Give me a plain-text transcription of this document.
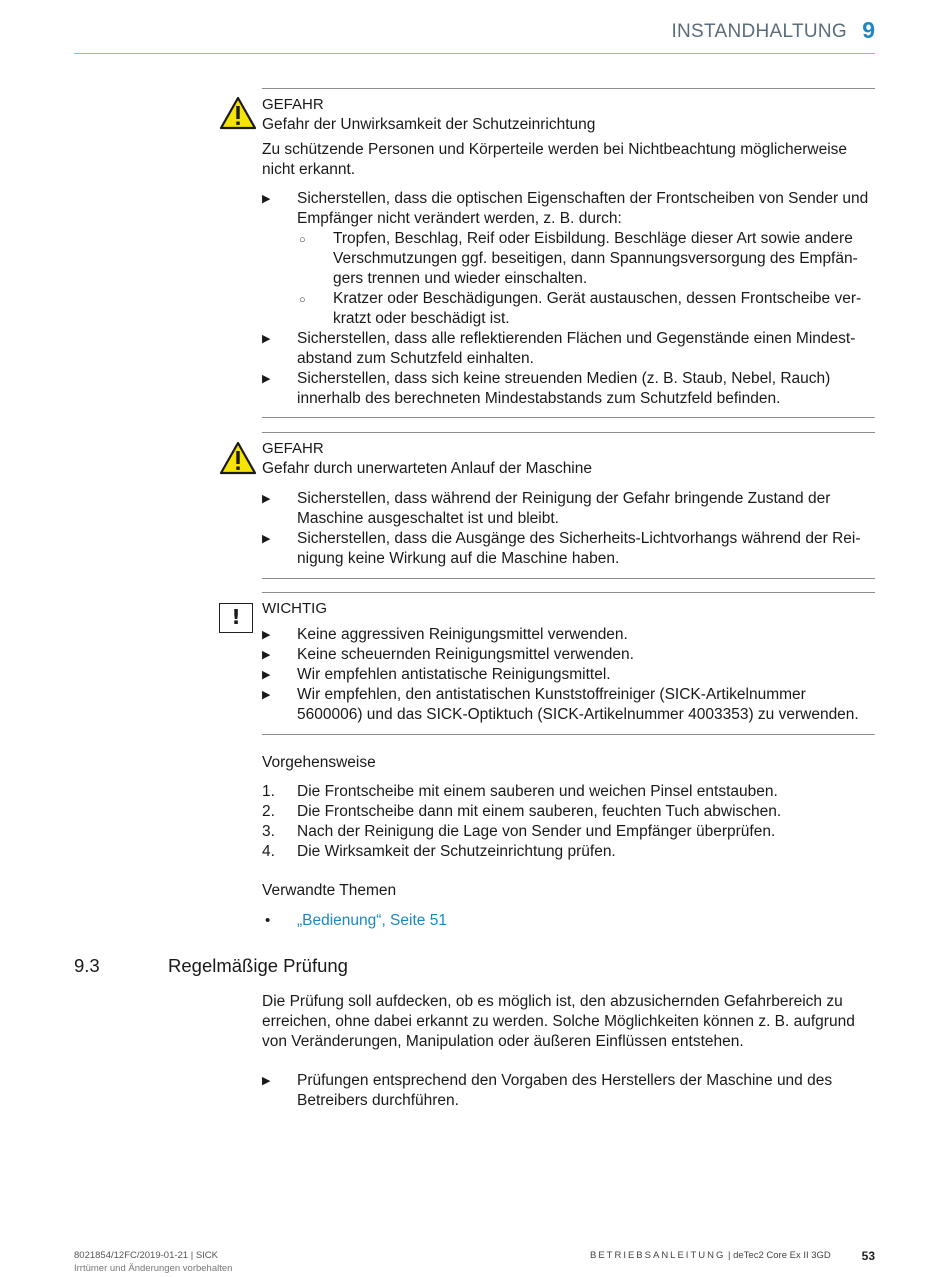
INSTANDHALTUNG 9
GEFAHR
Gefahr der Unwirksamkeit der Schutzeinrichtung
Zu schützende Personen und Körperteile werden bei Nichtbeachtung möglicherweise nicht erkannt.
▶	Sicherstellen, dass die optischen Eigenschaften der Frontscheiben von Sender und Empfänger nicht verändert werden, z. B. durch:
○ Tropfen, Beschlag, Reif oder Eisbildung. Beschläge dieser Art sowie andere Verschmutzungen ggf. beseitigen, dann Spannungsversorgung des Empfängers trennen und wieder einschalten.
○ Kratzer oder Beschädigungen. Gerät austauschen, dessen Frontscheibe verkratzt oder beschädigt ist.
▶	Sicherstellen, dass alle reflektierenden Flächen und Gegenstände einen Mindestabstand zum Schutzfeld einhalten.
▶	Sicherstellen, dass sich keine streuenden Medien (z. B. Staub, Nebel, Rauch) innerhalb des berechneten Mindestabstands zum Schutzfeld befinden.
GEFAHR
Gefahr durch unerwarteten Anlauf der Maschine
▶	Sicherstellen, dass während der Reinigung der Gefahr bringende Zustand der Maschine ausgeschaltet ist und bleibt.
▶	Sicherstellen, dass die Ausgänge des Sicherheits-Lichtvorhangs während der Reinigung keine Wirkung auf die Maschine haben.
WICHTIG
!
▶	Keine aggressiven Reinigungsmittel verwenden.
▶	Keine scheuernden Reinigungsmittel verwenden.
▶	Wir empfehlen antistatische Reinigungsmittel.
▶	Wir empfehlen, den antistatischen Kunststoffreiniger (SICK-Artikelnummer 5600006) und das SICK-Optiktuch (SICK-Artikelnummer 4003353) zu verwenden.
Vorgehensweise
1.	Die Frontscheibe mit einem sauberen und weichen Pinsel entstauben.
2.	Die Frontscheibe dann mit einem sauberen, feuchten Tuch abwischen.
3.	Nach der Reinigung die Lage von Sender und Empfänger überprüfen.
4.	Die Wirksamkeit der Schutzeinrichtung prüfen.
Verwandte Themen
•	„Bedienung“, Seite 51
9.3	Regelmäßige Prüfung
Die Prüfung soll aufdecken, ob es möglich ist, den abzusichernden Gefahrbereich zu erreichen, ohne dabei erkannt zu werden. Solche Möglichkeiten können z. B. aufgrund von Veränderungen, Manipulation oder äußeren Einflüssen entstehen.
▶	Prüfungen entsprechend den Vorgaben des Herstellers der Maschine und des Betreibers durchführen.
8021854/12FC/2019-01-21 | SICK
Irrtümer und Änderungen vorbehalten
BETRIEBSANLEITUNG | deTec2 Core Ex II 3GD	53
